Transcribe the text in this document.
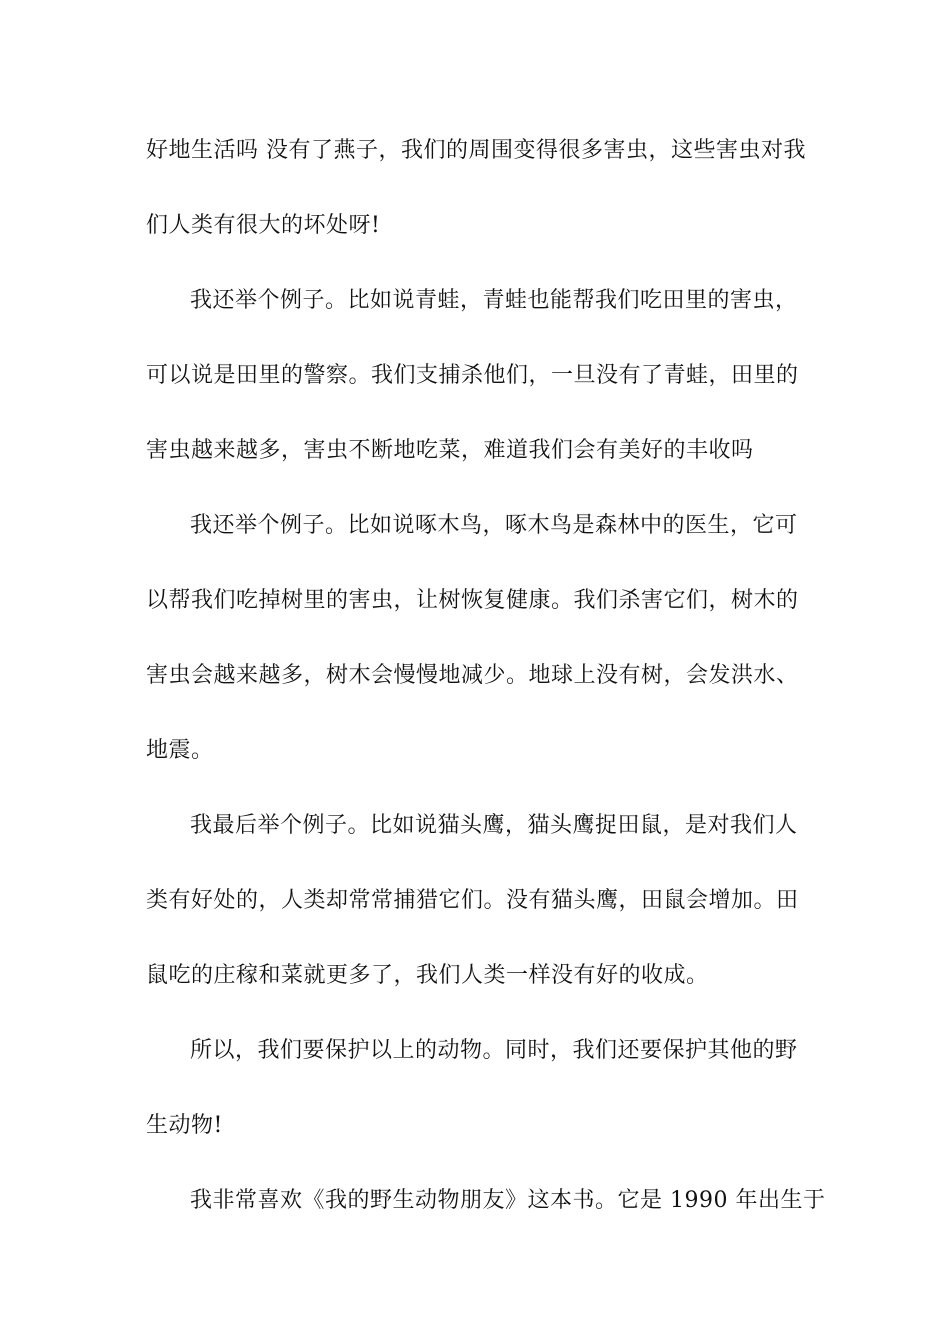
好地生活吗 没有了燕子，我们的周围变得很多害虫，这些害虫对我
们人类有很大的坏处呀!
我还举个例子。比如说青蛙，青蛙也能帮我们吃田里的害虫，
可以说是田里的警察。我们支捕杀他们，一旦没有了青蛙，田里的
害虫越来越多，害虫不断地吃菜，难道我们会有美好的丰收吗
我还举个例子。比如说啄木鸟，啄木鸟是森林中的医生，它可
以帮我们吃掉树里的害虫，让树恢复健康。我们杀害它们，树木的
害虫会越来越多，树木会慢慢地减少。地球上没有树，会发洪水、
地震。
我最后举个例子。比如说猫头鹰，猫头鹰捉田鼠，是对我们人
类有好处的，人类却常常捕猎它们。没有猫头鹰，田鼠会增加。田
鼠吃的庄稼和菜就更多了，我们人类一样没有好的收成。
所以，我们要保护以上的动物。同时，我们还要保护其他的野
生动物!
我非常喜欢《我的野生动物朋友》这本书。它是 1990 年出生于
